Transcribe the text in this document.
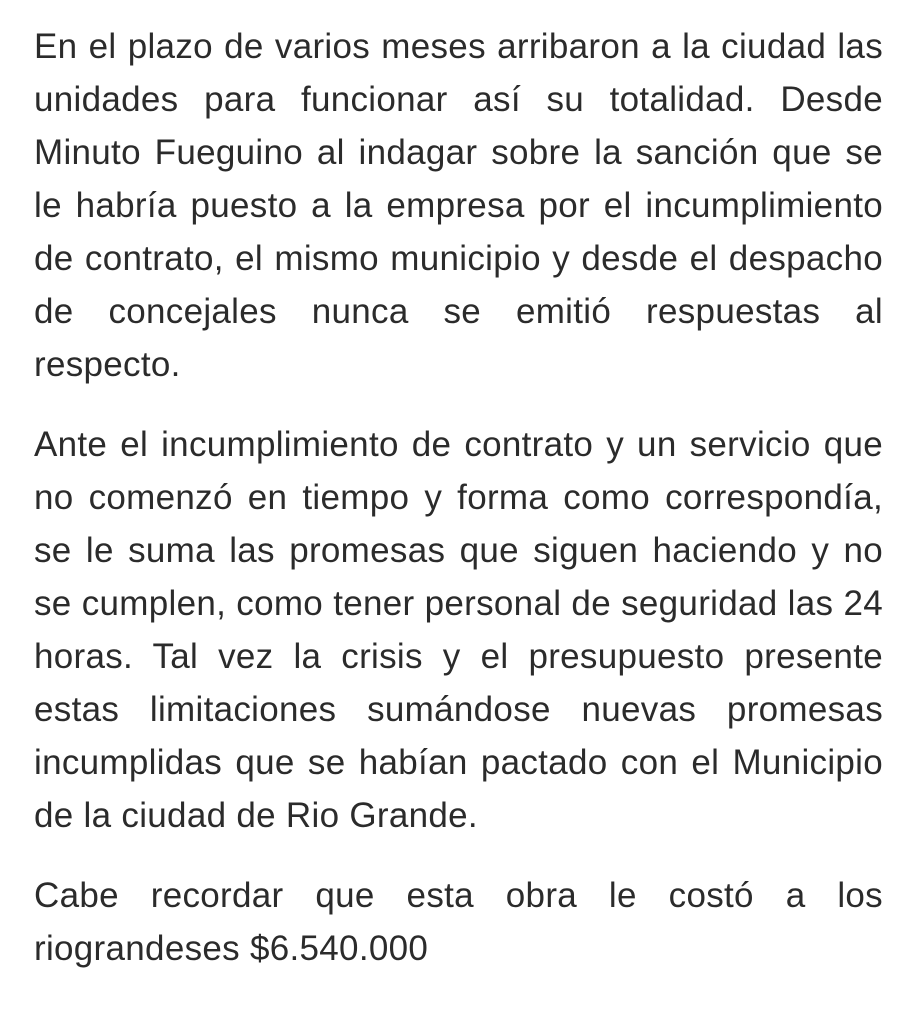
En el plazo de varios meses arribaron a la ciudad las unidades para funcionar así su totalidad. Desde Minuto Fueguino al indagar sobre la sanción que se le habría puesto a la empresa por el incumplimiento de contrato, el mismo municipio y desde el despacho de concejales nunca se emitió respuestas al respecto.

Ante el incumplimiento de contrato y un servicio que no comenzó en tiempo y forma como correspondía, se le suma las promesas que siguen haciendo y no se cumplen, como tener personal de seguridad las 24 horas. Tal vez la crisis y el presupuesto presente estas limitaciones sumándose nuevas promesas incumplidas que se habían pactado con el Municipio de la ciudad de Rio Grande.

Cabe recordar que esta obra le costó a los riograndeses $6.540.000
